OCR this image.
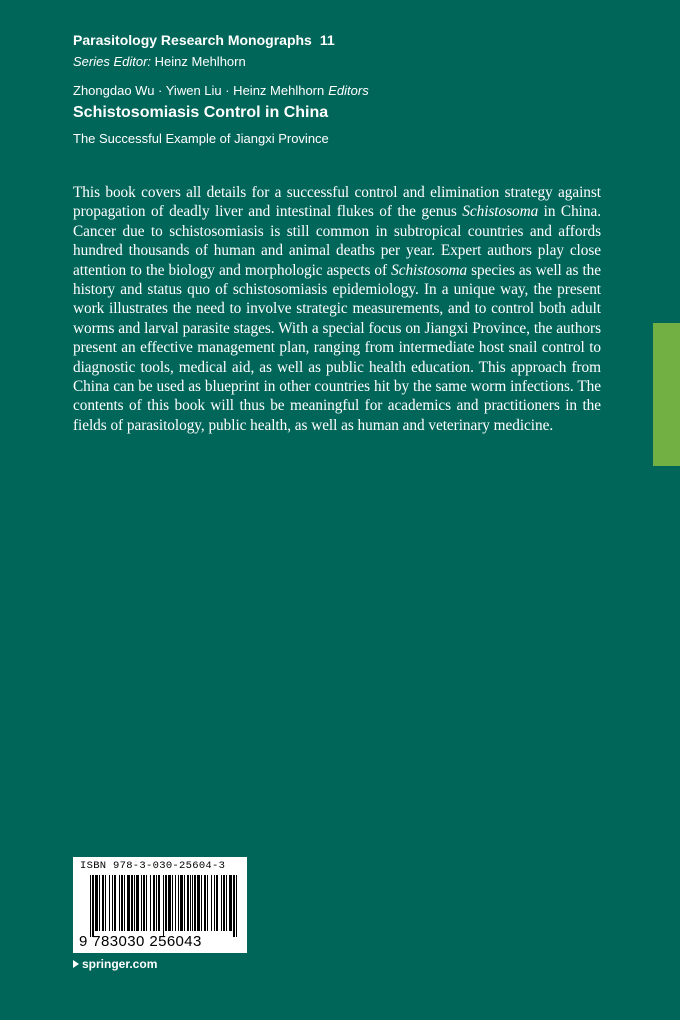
Parasitology Research Monographs 11
Series Editor: Heinz Mehlhorn
Zhongdao Wu · Yiwen Liu · Heinz Mehlhorn Editors
Schistosomiasis Control in China
The Successful Example of Jiangxi Province

This book covers all details for a successful control and elimination strategy against propagation of deadly liver and intestinal flukes of the genus Schistosoma in China. Cancer due to schistosomiasis is still common in subtropical countries and affords hundred thousands of human and animal deaths per year. Expert authors play close attention to the biology and morphologic aspects of Schistosoma species as well as the history and status quo of schistosomiasis epidemiology. In a unique way, the present work illustrates the need to involve strategic measurements, and to control both adult worms and larval parasite stages. With a special focus on Jiangxi Province, the authors present an effective management plan, ranging from intermediate host snail control to diagnostic tools, medical aid, as well as public health education. This approach from China can be used as blueprint in other countries hit by the same worm infections. The contents of this book will thus be meaningful for academics and practitioners in the fields of parasitology, public health, as well as human and veterinary medicine.

ISBN 978-3-030-25604-3
9 783030 256043
springer.com
